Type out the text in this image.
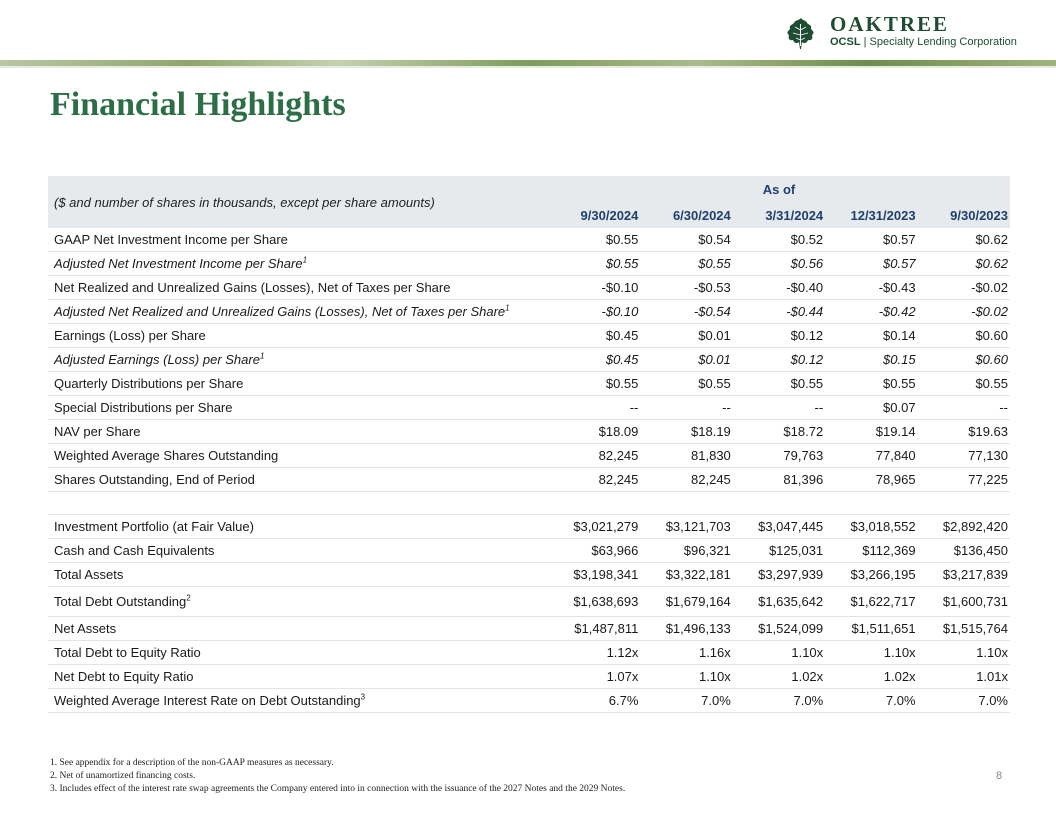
OAKTREE
OCSL | Specialty Lending Corporation
Financial Highlights
($ and number of shares in thousands, except per share amounts)	As of				
	9/30/2024	6/30/2024	3/31/2024	12/31/2023	9/30/2023
GAAP Net Investment Income per Share	$0.55	$0.54	$0.52	$0.57	$0.62
Adjusted Net Investment Income per Share$^1$	$0.55	$0.55	$0.56	$0.57	$0.62
Net Realized and Unrealized Gains (Losses), Net of Taxes per Share	-$0.10	-$0.53	-$0.40	-$0.43	-$0.02
Adjusted Net Realized and Unrealized Gains (Losses), Net of Taxes per Share$^1$	-$0.10	-$0.54	-$0.44	-$0.42	-$0.02
Earnings (Loss) per Share	$0.45	$0.01	$0.12	$0.14	$0.60
Adjusted Earnings (Loss) per Share$^1$	$0.45	$0.01	$0.12	$0.15	$0.60
Quarterly Distributions per Share	$0.55	$0.55	$0.55	$0.55	$0.55
Special Distributions per Share	--	--	--	$0.07	--
NAV per Share	$18.09	$18.19	$18.72	$19.14	$19.63
Weighted Average Shares Outstanding	82,245	81,830	79,763	77,840	77,130
Shares Outstanding, End of Period	82,245	82,245	81,396	78,965	77,225

Investment Portfolio (at Fair Value)	$3,021,279	$3,121,703	$3,047,445	$3,018,552	$2,892,420
Cash and Cash Equivalents	$63,966	$96,321	$125,031	$112,369	$136,450
Total Assets	$3,198,341	$3,322,181	$3,297,939	$3,266,195	$3,217,839
Total Debt Outstanding$^2$	$1,638,693	$1,679,164	$1,635,642	$1,622,717	$1,600,731
Net Assets	$1,487,811	$1,496,133	$1,524,099	$1,511,651	$1,515,764
Total Debt to Equity Ratio	1.12x	1.16x	1.10x	1.10x	1.10x
Net Debt to Equity Ratio	1.07x	1.10x	1.02x	1.02x	1.01x
Weighted Average Interest Rate on Debt Outstanding$^3$	6.7%	7.0%	7.0%	7.0%	7.0%
1. See appendix for a description of the non-GAAP measures as necessary.
2. Net of unamortized financing costs.
3. Includes effect of the interest rate swap agreements the Company entered into in connection with the issuance of the 2027 Notes and the 2029 Notes.
8
